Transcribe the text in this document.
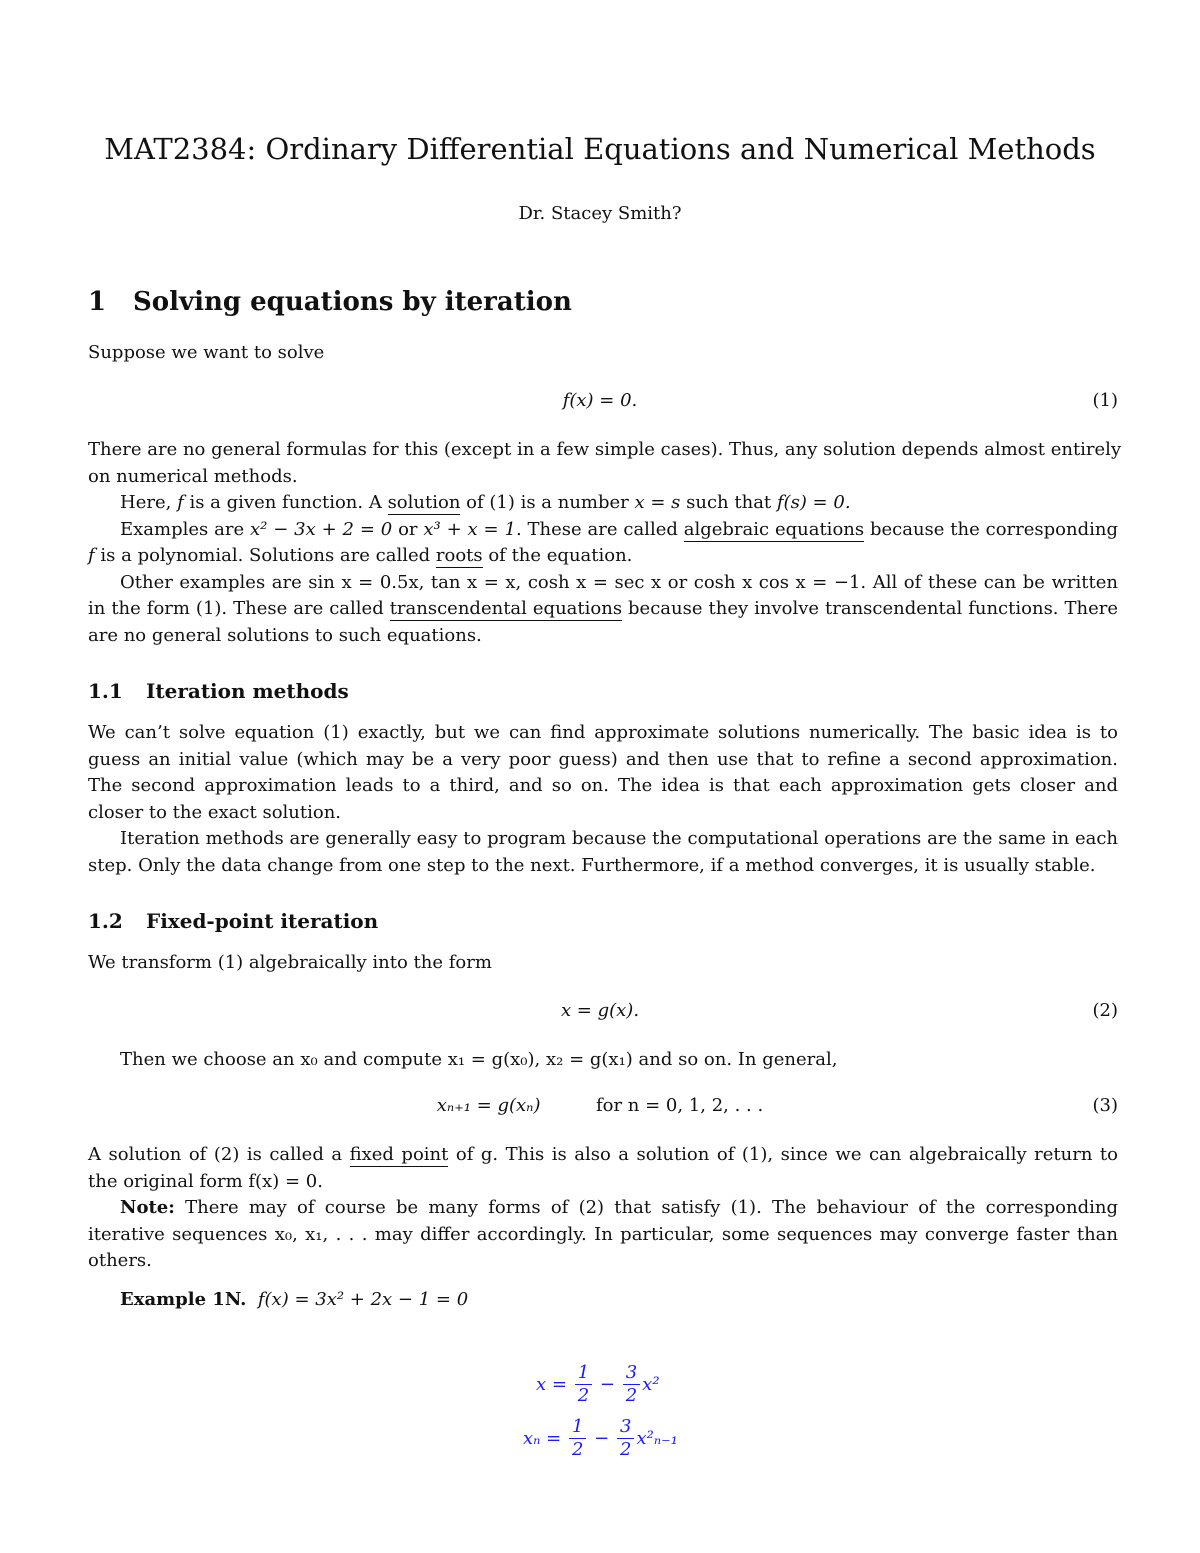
MAT2384: Ordinary Differential Equations and Numerical Methods
Dr. Stacey Smith?
1 Solving equations by iteration
Suppose we want to solve
f(x) = 0.	(1)
There are no general formulas for this (except in a few simple cases). Thus, any solution depends almost entirely
on numerical methods.
Here, f is a given function. A solution of (1) is a number x = s such that f(s) = 0.
Examples are x² − 3x + 2 = 0 or x³ + x = 1. These are called algebraic equations because the corresponding
f is a polynomial. Solutions are called roots of the equation.
Other examples are sin x = 0.5x, tan x = x, cosh x = sec x or cosh x cos x = −1. All of these can be written
in the form (1). These are called transcendental equations because they involve transcendental functions. There
are no general solutions to such equations.
1.1 Iteration methods
We can’t solve equation (1) exactly, but we can find approximate solutions numerically. The basic idea is to
guess an initial value (which may be a very poor guess) and then use that to refine a second approximation.
The second approximation leads to a third, and so on. The idea is that each approximation gets closer and
closer to the exact solution.
Iteration methods are generally easy to program because the computational operations are the same in each
step. Only the data change from one step to the next. Furthermore, if a method converges, it is usually stable.
1.2 Fixed-point iteration
We transform (1) algebraically into the form
x = g(x).	(2)
Then we choose an x₀ and compute x₁ = g(x₀), x₂ = g(x₁) and so on. In general,
xₙ₊₁ = g(xₙ)	for n = 0, 1, 2, . . .	(3)
A solution of (2) is called a fixed point of g. This is also a solution of (1), since we can algebraically return to
the original form f(x) = 0.
Note: There may of course be many forms of (2) that satisfy (1). The behaviour of the corresponding
iterative sequences x₀, x₁, . . . may differ accordingly. In particular, some sequences may converge faster than
others.
Example 1N. f(x) = 3x² + 2x − 1 = 0
$x = \frac{1}{2} - \frac{3}{2} x^2$
$x_n = \frac{1}{2} - \frac{3}{2} x^2_{n-1}$
